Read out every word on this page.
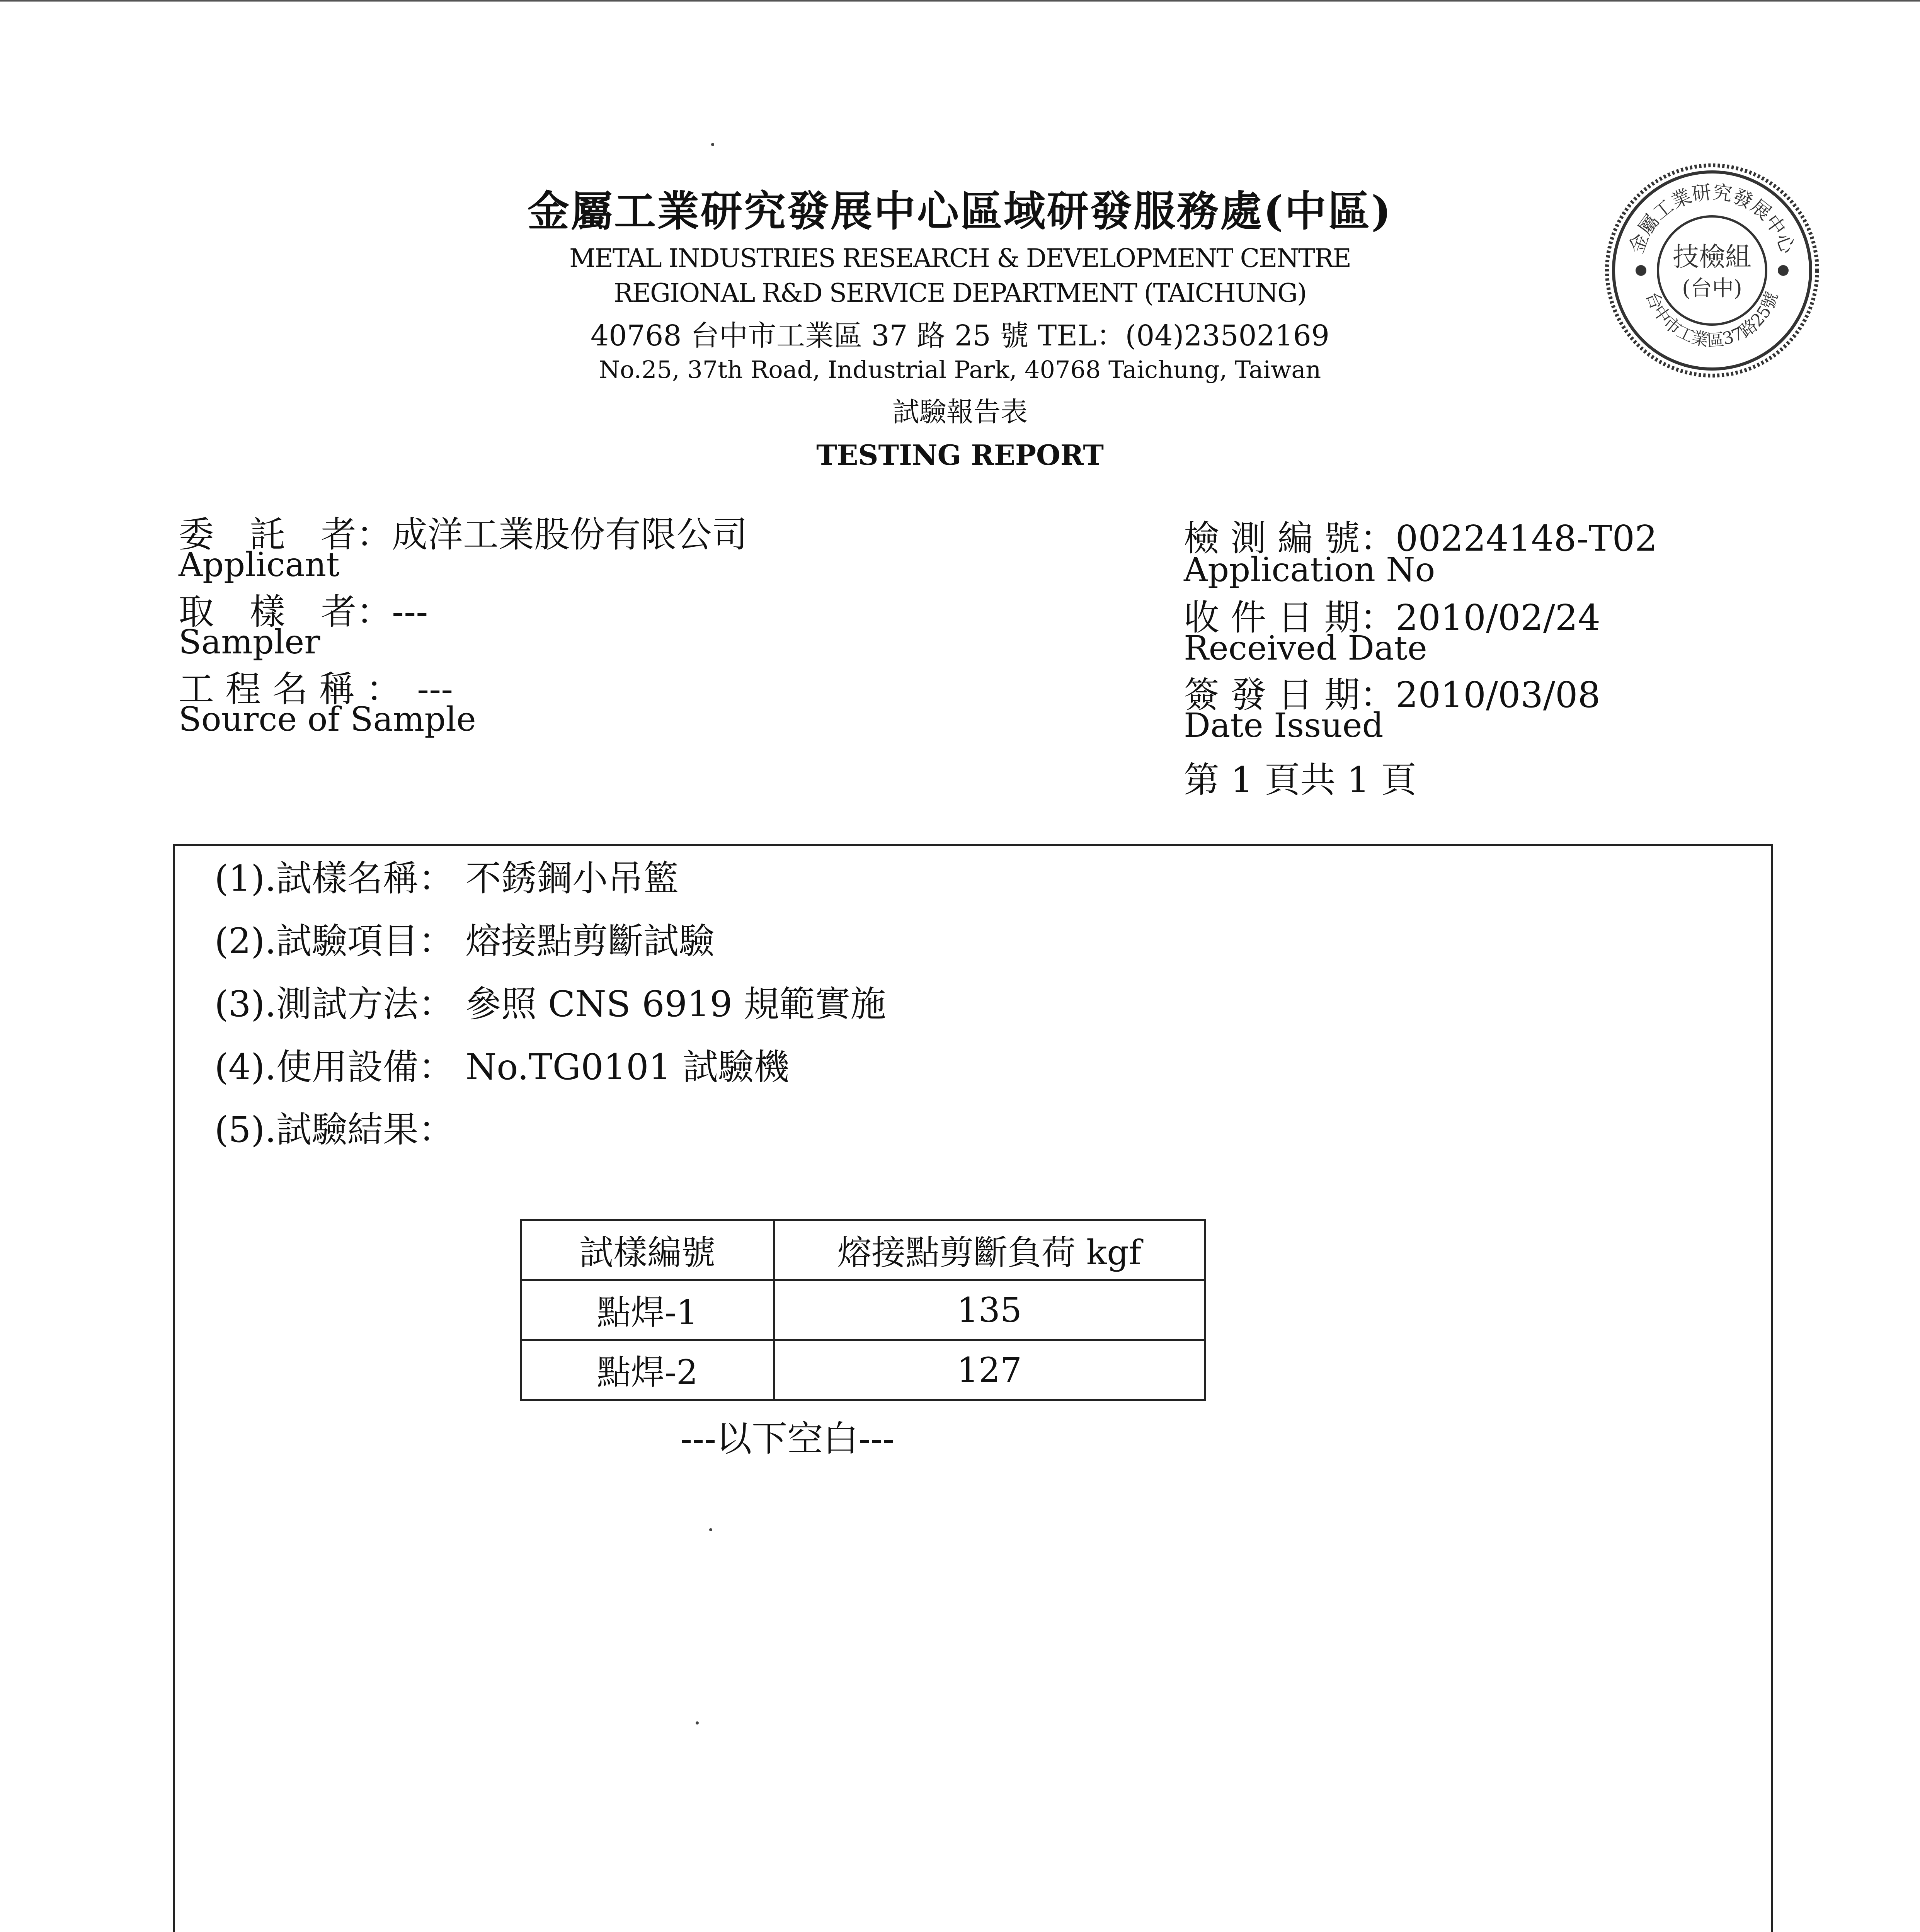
金屬工業研究發展中心區域研發服務處(中區)
METAL INDUSTRIES RESEARCH & DEVELOPMENT CENTRE
REGIONAL R&D SERVICE DEPARTMENT (TAICHUNG)
40768 台中市工業區 37 路 25 號 TEL：(04)23502169
No.25, 37th Road, Industrial Park, 40768 Taichung, Taiwan
試驗報告表
TESTING REPORT
金屬工業研究發展中心
台中市工業區37路25號
技檢組
(台中)
委　託　者：成洋工業股份有限公司
Applicant
取　樣　者：---
Sampler
工 程 名 稱 ： ---
Source of Sample
檢 測 編 號：00224148-T02
Application No
收 件 日 期：2010/02/24
Received Date
簽 發 日 期：2010/03/08
Date Issued
第 1 頁共 1 頁
(1).試樣名稱： 不銹鋼小吊籃
(2).試驗項目： 熔接點剪斷試驗
(3).測試方法： 參照 CNS 6919 規範實施
(4).使用設備： No.TG0101 試驗機
(5).試驗結果：
試樣編號	熔接點剪斷負荷 kgf
點焊-1	135
點焊-2	127
---以下空白---
